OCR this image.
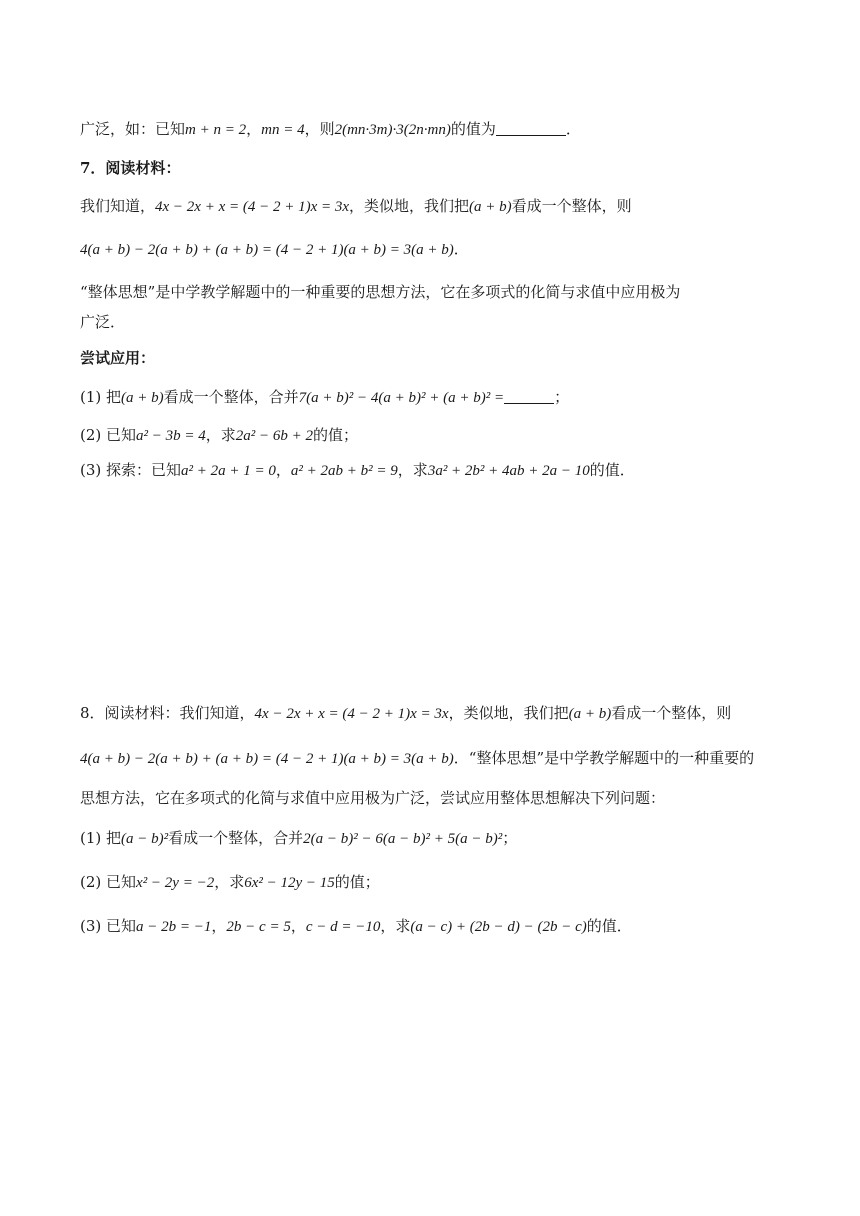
广泛，如：已知m + n = 2，mn = 4，则2(mn·3m)·3(2n·mn)的值为	．
7．阅读材料：
我们知道，4x − 2x + x = (4 − 2 + 1)x = 3x，类似地，我们把(a + b)看成一个整体，则
4(a + b) − 2(a + b) + (a + b) = (4 − 2 + 1)(a + b) = 3(a + b)．
“整体思想”是中学教学解题中的一种重要的思想方法，它在多项式的化简与求值中应用极为
广泛．
尝试应用：
(1) 把(a + b)看成一个整体，合并7(a + b)² − 4(a + b)² + (a + b)² =	；
(2) 已知a² − 3b = 4，求2a² − 6b + 2的值；
(3) 探索：已知a² + 2a + 1 = 0，a² + 2ab + b² = 9，求3a² + 2b² + 4ab + 2a − 10的值．
8．阅读材料：我们知道，4x − 2x + x = (4 − 2 + 1)x = 3x，类似地，我们把(a + b)看成一个整体，则
4(a + b) − 2(a + b) + (a + b) = (4 − 2 + 1)(a + b) = 3(a + b)．“整体思想”是中学教学解题中的一种重要的
思想方法，它在多项式的化简与求值中应用极为广泛，尝试应用整体思想解决下列问题：
(1) 把(a − b)²看成一个整体，合并2(a − b)² − 6(a − b)² + 5(a − b)²；
(2) 已知x² − 2y = −2，求6x² − 12y − 15的值；
(3) 已知a − 2b = −1，2b − c = 5，c − d = −10，求(a − c) + (2b − d) − (2b − c)的值．
